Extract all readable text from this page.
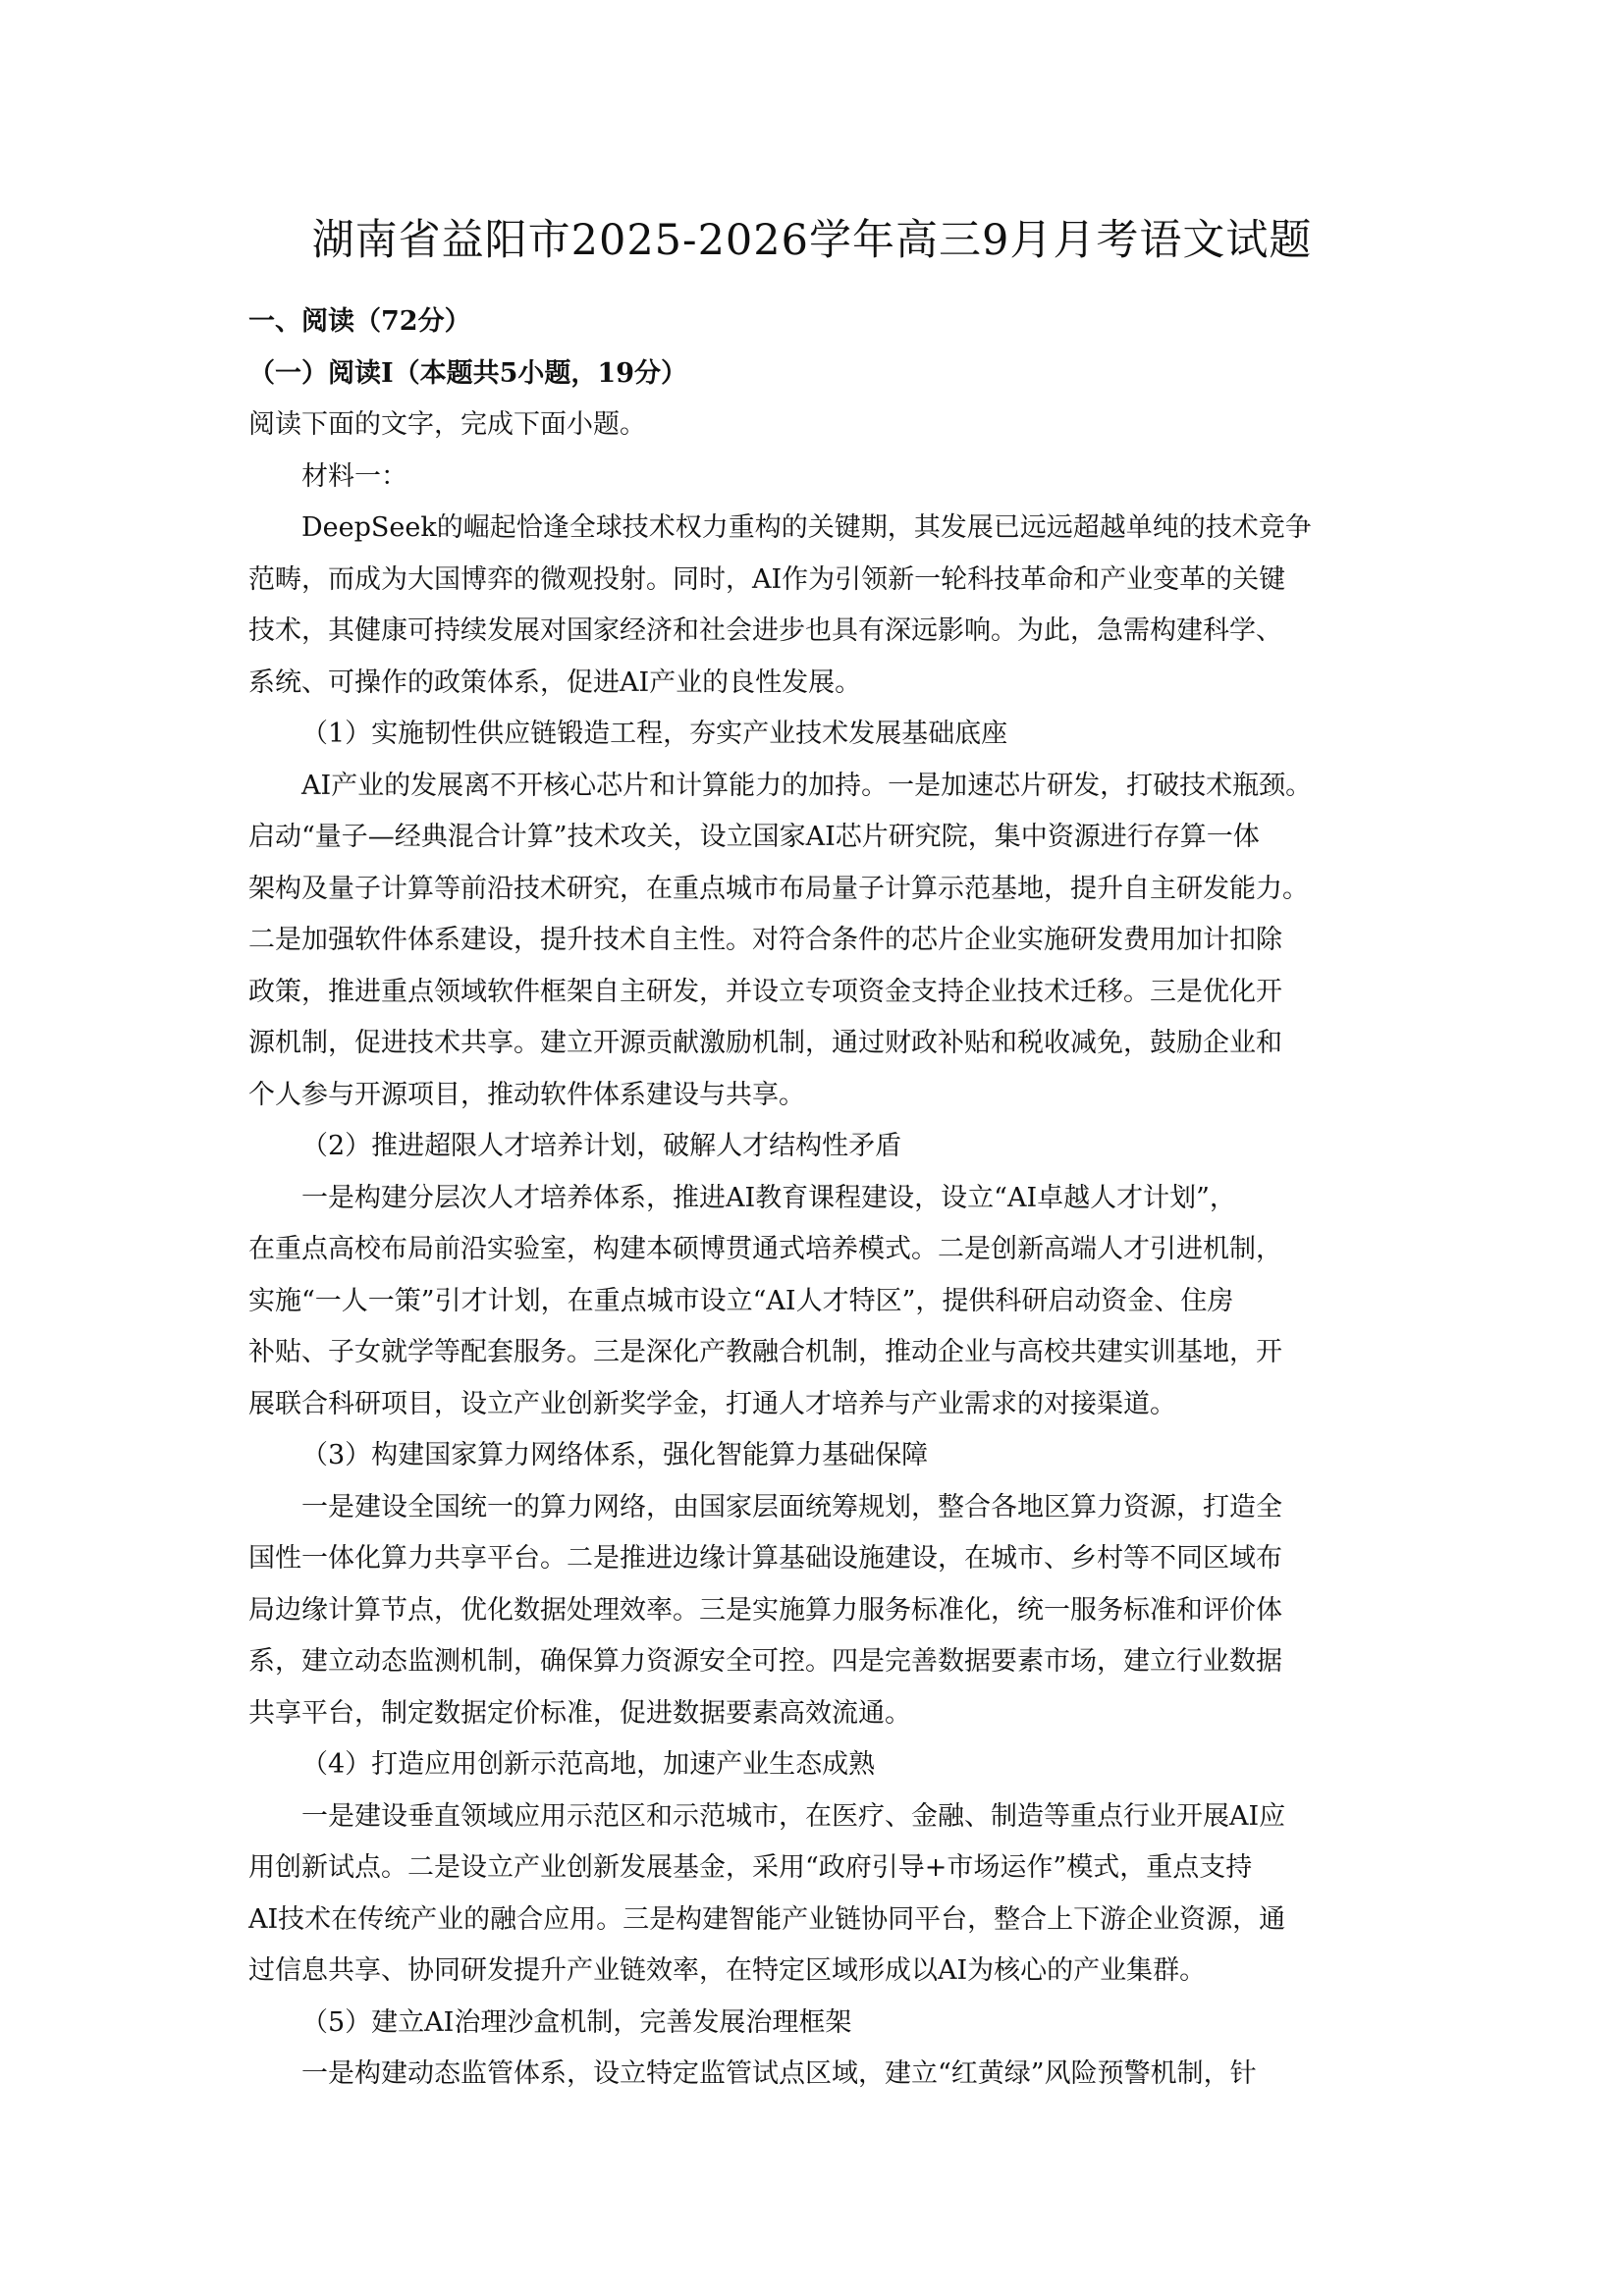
湖南省益阳市2025-2026学年高三9月月考语文试题

一、阅读（72分）

（一）阅读Ⅰ（本题共5小题，19分）

阅读下面的文字，完成下面小题。

材料一：

DeepSeek的崛起恰逢全球技术权力重构的关键期，其发展已远远超越单纯的技术竞争

范畴，而成为大国博弈的微观投射。同时，AI作为引领新一轮科技革命和产业变革的关键

技术，其健康可持续发展对国家经济和社会进步也具有深远影响。为此，急需构建科学、

系统、可操作的政策体系，促进AI产业的良性发展。

（1）实施韧性供应链锻造工程，夯实产业技术发展基础底座

AI产业的发展离不开核心芯片和计算能力的加持。一是加速芯片研发，打破技术瓶颈。

启动“量子—经典混合计算”技术攻关，设立国家AI芯片研究院，集中资源进行存算一体

架构及量子计算等前沿技术研究，在重点城市布局量子计算示范基地，提升自主研发能力。

二是加强软件体系建设，提升技术自主性。对符合条件的芯片企业实施研发费用加计扣除

政策，推进重点领域软件框架自主研发，并设立专项资金支持企业技术迁移。三是优化开

源机制，促进技术共享。建立开源贡献激励机制，通过财政补贴和税收减免，鼓励企业和

个人参与开源项目，推动软件体系建设与共享。

（2）推进超限人才培养计划，破解人才结构性矛盾

一是构建分层次人才培养体系，推进AI教育课程建设，设立“AI卓越人才计划”，

在重点高校布局前沿实验室，构建本硕博贯通式培养模式。二是创新高端人才引进机制，

实施“一人一策”引才计划，在重点城市设立“AI人才特区”，提供科研启动资金、住房

补贴、子女就学等配套服务。三是深化产教融合机制，推动企业与高校共建实训基地，开

展联合科研项目，设立产业创新奖学金，打通人才培养与产业需求的对接渠道。

（3）构建国家算力网络体系，强化智能算力基础保障

一是建设全国统一的算力网络，由国家层面统筹规划，整合各地区算力资源，打造全

国性一体化算力共享平台。二是推进边缘计算基础设施建设，在城市、乡村等不同区域布

局边缘计算节点，优化数据处理效率。三是实施算力服务标准化，统一服务标准和评价体

系，建立动态监测机制，确保算力资源安全可控。四是完善数据要素市场，建立行业数据

共享平台，制定数据定价标准，促进数据要素高效流通。

（4）打造应用创新示范高地，加速产业生态成熟

一是建设垂直领域应用示范区和示范城市，在医疗、金融、制造等重点行业开展AI应

用创新试点。二是设立产业创新发展基金，采用“政府引导+市场运作”模式，重点支持

AI技术在传统产业的融合应用。三是构建智能产业链协同平台，整合上下游企业资源，通

过信息共享、协同研发提升产业链效率，在特定区域形成以AI为核心的产业集群。

（5）建立AI治理沙盒机制，完善发展治理框架

一是构建动态监管体系，设立特定监管试点区域，建立“红黄绿”风险预警机制，针
